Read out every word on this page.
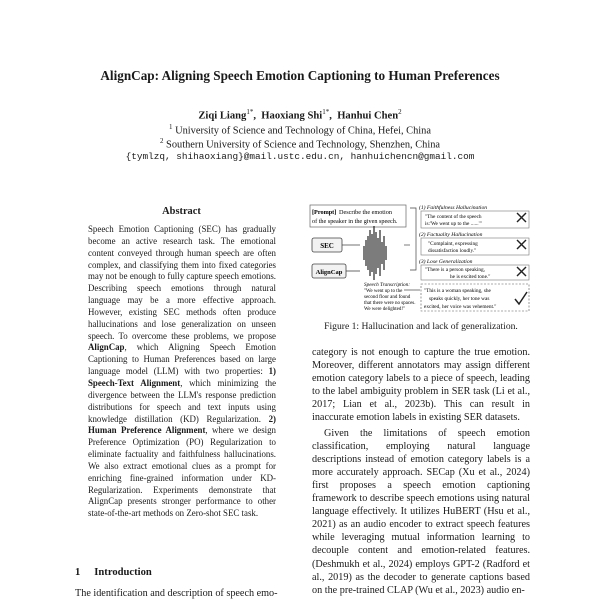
AlignCap: Aligning Speech Emotion Captioning to Human Preferences
Ziqi Liang$^{1*}$, Haoxiang Shi$^{1*}$, Hanhui Chen$^2$
$^1$ University of Science and Technology of China, Hefei, China
$^2$ Southern University of Science and Technology, Shenzhen, China
{tymlzq, shihaoxiang}@mail.ustc.edu.cn, hanhuichencn@gmail.com
Abstract
Speech Emotion Captioning (SEC) has gradually become an active research task. The emotional content conveyed through human speech are often complex, and classifying them into fixed categories may not be enough to fully capture speech emotions. Describing speech emotions through natural language may be a more effective approach. However, existing SEC methods often produce hallucinations and lose generalization on unseen speech. To overcome these problems, we propose AlignCap, which Aligning Speech Emotion Captioning to Human Preferences based on large language model (LLM) with two properties: 1) Speech-Text Alignment, which minimizing the divergence between the LLM's response prediction distributions for speech and text inputs using knowledge distillation (KD) Regularization. 2) Human Preference Alignment, where we design Preference Optimization (PO) Regularization to eliminate factuality and faithfulness hallucinations. We also extract emotional clues as a prompt for enriching fine-grained information under KD-Regularization. Experiments demonstrate that AlignCap presents stronger performance to other state-of-the-art methods on Zero-shot SEC task.
1 Introduction
The identification and description of speech emo-
[Prompt] Describe the emotion
of the speaker in the given speech.
SEC
AlignCap
Speech Transcription:
"We went up to the
second floor and found
that there were no spaces.
We were delighted!"
(1) Faithfulness Hallucination
"The content of the speech
is:'We went up to the ......'"
(2) Factuality Hallucination
"Complaint, expressing
dissatisfaction loudly."
(3) Lose Generalization
"There is a person speaking,
he is excited tone."
"This is a woman speaking, she
speaks quickly, her tone was
excited, her voice was vehement."
Figure 1: Hallucination and lack of generalization.

category is not enough to capture the true emotion. Moreover, different annotators may assign different emotion category labels to a piece of speech, leading to the label ambiguity problem in SER task (Li et al., 2017; Lian et al., 2023b). This can result in inaccurate emotion labels in existing SER datasets.

Given the limitations of speech emotion classification, employing natural language descriptions instead of emotion category labels is a more accurately approach. SECap (Xu et al., 2024) first proposes a speech emotion captioning framework to describe speech emotions using natural language effectively. It utilizes HuBERT (Hsu et al., 2021) as an audio encoder to extract speech features while leveraging mutual information learning to decouple content and emotion-related features. (Deshmukh et al., 2024) employs GPT-2 (Radford et al., 2019) as the decoder to generate captions based on the pre-trained CLAP (Wu et al., 2023) audio en-
